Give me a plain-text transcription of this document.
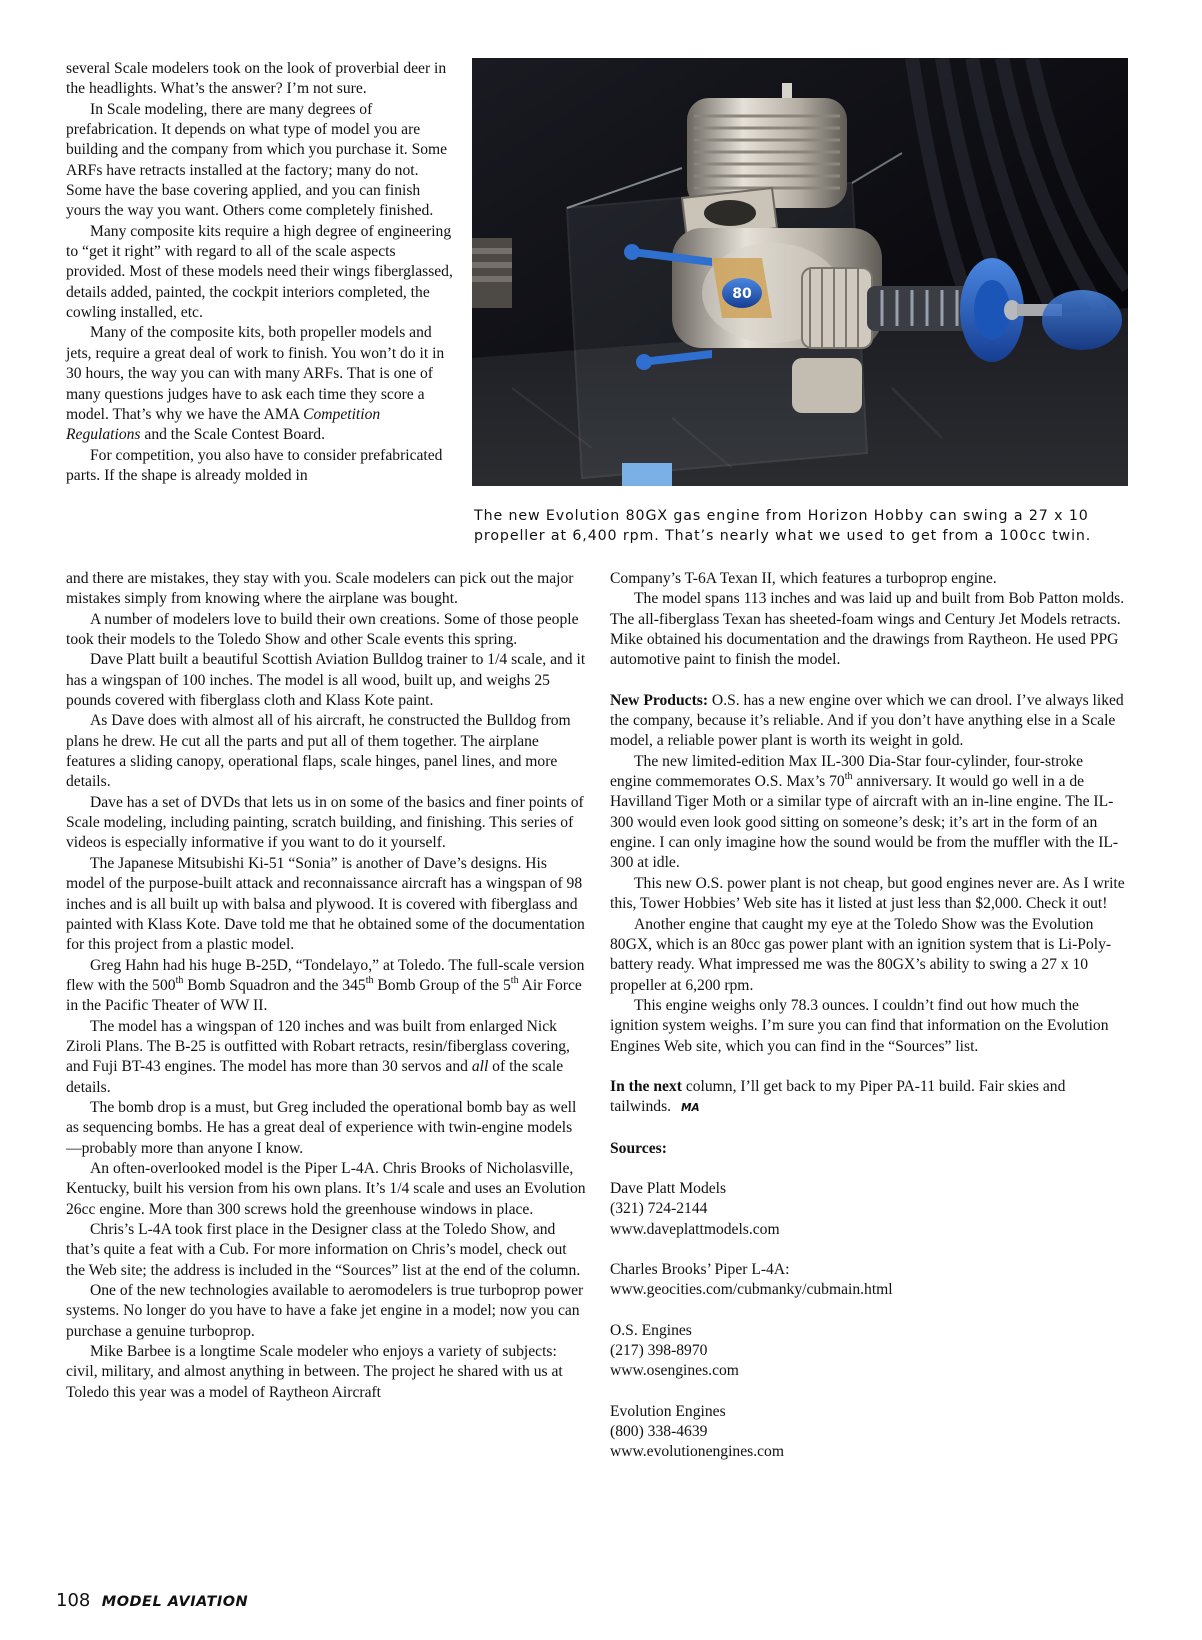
several Scale modelers took on the look of proverbial deer in the headlights. What’s the answer? I’m not sure.

In Scale modeling, there are many degrees of prefabrication. It depends on what type of model you are building and the company from which you purchase it. Some ARFs have retracts installed at the factory; many do not. Some have the base covering applied, and you can finish yours the way you want. Others come completely finished.

Many composite kits require a high degree of engineering to “get it right” with regard to all of the scale aspects provided. Most of these models need their wings fiberglassed, details added, painted, the cockpit interiors completed, the cowling installed, etc.

Many of the composite kits, both propeller models and jets, require a great deal of work to finish. You won’t do it in 30 hours, the way you can with many ARFs. That is one of many questions judges have to ask each time they score a model. That’s why we have the AMA Competition Regulations and the Scale Contest Board.

For competition, you also have to consider prefabricated parts. If the shape is already molded in

80
The new Evolution 80GX gas engine from Horizon Hobby can swing a 27 x 10 propeller at 6,400 rpm. That’s nearly what we used to get from a 100cc twin.

and there are mistakes, they stay with you. Scale modelers can pick out the major mistakes simply from knowing where the airplane was bought.

A number of modelers love to build their own creations. Some of those people took their models to the Toledo Show and other Scale events this spring.

Dave Platt built a beautiful Scottish Aviation Bulldog trainer to 1/4 scale, and it has a wingspan of 100 inches. The model is all wood, built up, and weighs 25 pounds covered with fiberglass cloth and Klass Kote paint.

As Dave does with almost all of his aircraft, he constructed the Bulldog from plans he drew. He cut all the parts and put all of them together. The airplane features a sliding canopy, operational flaps, scale hinges, panel lines, and more details.

Dave has a set of DVDs that lets us in on some of the basics and finer points of Scale modeling, including painting, scratch building, and finishing. This series of videos is especially informative if you want to do it yourself.

The Japanese Mitsubishi Ki-51 “Sonia” is another of Dave’s designs. His model of the purpose-built attack and reconnaissance aircraft has a wingspan of 98 inches and is all built up with balsa and plywood. It is covered with fiberglass and painted with Klass Kote. Dave told me that he obtained some of the documentation for this project from a plastic model.

Greg Hahn had his huge B-25D, “Tondelayo,” at Toledo. The full-scale version flew with the 500th Bomb Squadron and the 345th Bomb Group of the 5th Air Force in the Pacific Theater of WW II.

The model has a wingspan of 120 inches and was built from enlarged Nick Ziroli Plans. The B-25 is outfitted with Robart retracts, resin/fiberglass covering, and Fuji BT-43 engines. The model has more than 30 servos and all of the scale details.

The bomb drop is a must, but Greg included the operational bomb bay as well as sequencing bombs. He has a great deal of experience with twin-engine models—probably more than anyone I know.

An often-overlooked model is the Piper L-4A. Chris Brooks of Nicholasville, Kentucky, built his version from his own plans. It’s 1/4 scale and uses an Evolution 26cc engine. More than 300 screws hold the greenhouse windows in place.

Chris’s L-4A took first place in the Designer class at the Toledo Show, and that’s quite a feat with a Cub. For more information on Chris’s model, check out the Web site; the address is included in the “Sources” list at the end of the column.

One of the new technologies available to aeromodelers is true turboprop power systems. No longer do you have to have a fake jet engine in a model; now you can purchase a genuine turboprop.

Mike Barbee is a longtime Scale modeler who enjoys a variety of subjects: civil, military, and almost anything in between. The project he shared with us at Toledo this year was a model of Raytheon Aircraft

Company’s T-6A Texan II, which features a turboprop engine.

The model spans 113 inches and was laid up and built from Bob Patton molds. The all-fiberglass Texan has sheeted-foam wings and Century Jet Models retracts. Mike obtained his documentation and the drawings from Raytheon. He used PPG automotive paint to finish the model.

New Products: O.S. has a new engine over which we can drool. I’ve always liked the company, because it’s reliable. And if you don’t have anything else in a Scale model, a reliable power plant is worth its weight in gold.

The new limited-edition Max IL-300 Dia-Star four-cylinder, four-stroke engine commemorates O.S. Max’s 70th anniversary. It would go well in a de Havilland Tiger Moth or a similar type of aircraft with an in-line engine. The IL-300 would even look good sitting on someone’s desk; it’s art in the form of an engine. I can only imagine how the sound would be from the muffler with the IL-300 at idle.

This new O.S. power plant is not cheap, but good engines never are. As I write this, Tower Hobbies’ Web site has it listed at just less than $2,000. Check it out!

Another engine that caught my eye at the Toledo Show was the Evolution 80GX, which is an 80cc gas power plant with an ignition system that is Li-Poly-battery ready. What impressed me was the 80GX’s ability to swing a 27 x 10 propeller at 6,200 rpm.

This engine weighs only 78.3 ounces. I couldn’t find out how much the ignition system weighs. I’m sure you can find that information on the Evolution Engines Web site, which you can find in the “Sources” list.

In the next column, I’ll get back to my Piper PA-11 build. Fair skies and tailwinds. MA

Sources:

Dave Platt Models

(321) 724-2144

www.daveplattmodels.com

Charles Brooks’ Piper L-4A:

www.geocities.com/cubmanky/cubmain.html

O.S. Engines

(217) 398-8970

www.osengines.com

Evolution Engines

(800) 338-4639

www.evolutionengines.com

108 MODEL AVIATION
